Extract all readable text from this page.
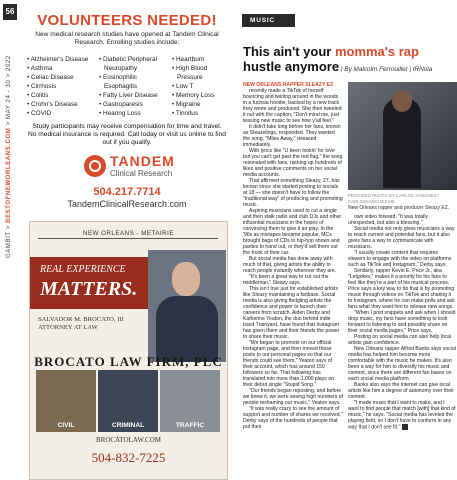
56
GAMBIT > BESTOFNEWORLEANS.COM > MAY 24 - 30 > 2022
VOLUNTEERS NEEDED!
New medical research studies have opened at Tandem Clinical Research. Enrolling studies include:
• Alzheimer's Disease
• Asthma
• Celiac Disease
• Cirrhosis
• Colitis
• Crohn's Disease
• COVID
• Diabetic Peripheral Neuropathy
• Eosinophilic Esophagitis
• Fatty Liver Disease
• Gastroparesis
• Hearing Loss
• Heartburn
• High Blood Pressure
• Low T
• Memory Loss
• Migraine
• Tinnitus
Study participants may receive compensation for time and travel. No medical insurance is required. Call today or visit us online to find out if you qualify.
TANDEM
Clinical Research
504.217.7714
TandemClinicalResearch.com
NEW ORLEANS - METAIRIE
REAL EXPERIENCE
MATTERS.
SALVADOR M. BROCATO, III
ATTORNEY AT LAW
BROCATO LAW FIRM, PLC
CIVIL	CRIMINAL	TRAFFIC
BROCATOLAW.COM
504-832-7225
MUSIC
This ain't your momma's rap
hustle anymore | By Malcolm Ferrouillet | IRNola

NEW ORLEANS RAPPER SLEAZY EZ

recently made a TikTok of herself bouncing and twirling around in the woods in a fuchsia hoodie, backed by a new track they wrote and produced. She then tweeted it out with the caption, "Don't mind me, just teasing new music to see how y'all feel."

It didn't take long before her fans, known as Sleazelings, responded. They wanted the song, "Miles Away," released immediately.

With lyrics like "U been lookin' for love but you can't get past the red flag," the song resonated with fans, racking up hundreds of likes and positive comments on her social media accounts.

That affirmed something Sleazy, 27, has known since she started posting to socials at 18 — she doesn't have to follow the "traditional way" of producing and promoting music.

Aspiring musicians used to cut a single and then stalk radio and club DJs and other influential musicians in the hopes of convincing them to give it air play. In the '90s as mixtapes became popular, MCs brought bags of CDs to hip-hop shows and parties to hand out, or they'd sell them out the trunk of their car.

But social media has done away with much of that, giving artists the ability to reach people instantly wherever they are.

"It's been a great way to cut out the middleman," Sleazy says.

This isn't true just for established artists like Sleazy maintaining a fanbase. Social media is also giving fledgling artists the confidence and power to launch their careers from scratch. Aiden Derby and Katherine Yeaton, the duo behind indie band Trainyard, have found that Instagram has given them and their friends the power to share their music.

"We began to promote on our official Instagram page, and then moved those posts to our personal pages so that our friends could see them," Yeaton says of their account, which has around 150 followers so far. That following has translated into more than 1,000 plays on their debut single "Stupid Song."

"Our friends began reposting, and before we knew it, we were seeing high numbers of people reshaming our music," Yeaton says.

"It was really crazy to see the amount of support and number of shares we received," Derby says of the hundreds of people that put their

PROVIDED PHOTO BY CARLOS SANCHEZ / CARLOSSANCHEZ.ME
New Orleans rapper and producer Sleazy EZ.

own video forward. "It was totally unexpected, but also a blessing."

Social media not only gives musicians a way to reach current and potential fans, but it also gives fans a way to communicate with musicians.

"I usually create content that requires viewers to engage with the video on platforms such as TikTok and Instagram," Derby says.

Similarly, rapper Kevin E. Price Jr., aka "Letgokev," makes it a priority for his fans to feel like they're a part of his musical process. Price says a key way to do that is by promoting music through videos on TikTok and sharing it to Instagram, where he can make polls and ask fans what they want him to release new songs.

"When I post snippets and ask when I should drop music, my fans have something to look forward to listening to and possibly share on their social media pages," Price says.

Posting on social media can also help local artists gain confidence.

New Orleans rapper Alfred Banks says social media has helped him become more comfortable with the music he makes. It's also been a way for him to diversify his music and content, since there are different fan bases on each social media platform.

Banks also says the internet can give local artists like him a degree of autonomy over their content.

"I made music that I want to make, and I want to find people that match [with] that kind of music," he says. "Social media has leveled the playing field, so I don't have to conform in any way that I don't see fit."
